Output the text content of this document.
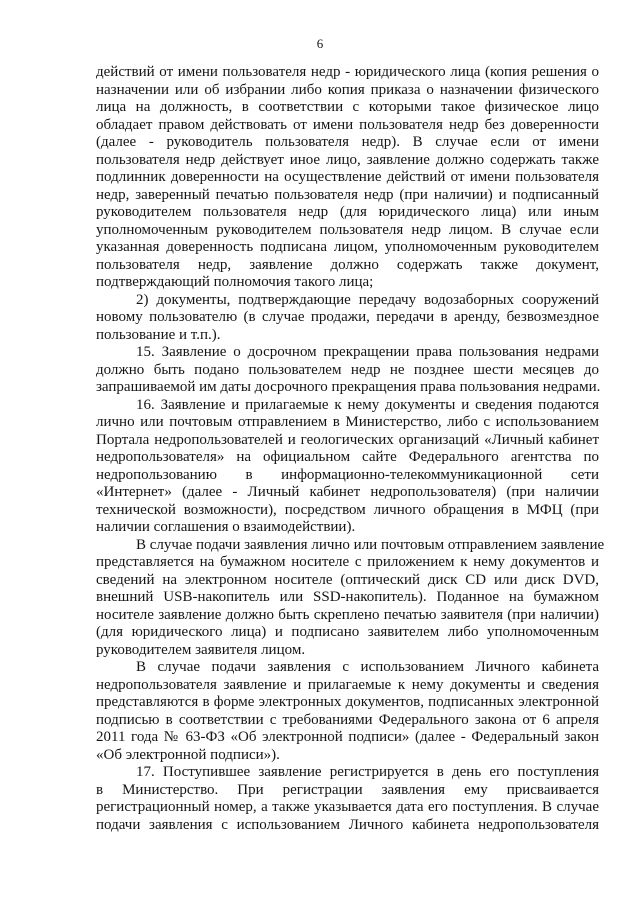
6
действий от имени пользователя недр - юридического лица (копия решения о
назначении или об избрании либо копия приказа о назначении физического
лица на должность, в соответствии с которыми такое физическое лицо
обладает правом действовать от имени пользователя недр без доверенности
(далее - руководитель пользователя недр). В случае если от имени
пользователя недр действует иное лицо, заявление должно содержать также
подлинник доверенности на осуществление действий от имени пользователя
недр, заверенный печатью пользователя недр (при наличии) и подписанный
руководителем пользователя недр (для юридического лица) или иным
уполномоченным руководителем пользователя недр лицом. В случае если
указанная доверенность подписана лицом, уполномоченным руководителем
пользователя недр, заявление должно содержать также документ,
подтверждающий полномочия такого лица;
2) документы, подтверждающие передачу водозаборных сооружений
новому пользователю (в случае продажи, передачи в аренду, безвозмездное
пользование и т.п.).
15. Заявление о досрочном прекращении права пользования недрами
должно быть подано пользователем недр не позднее шести месяцев до
запрашиваемой им даты досрочного прекращения права пользования недрами.
16. Заявление и прилагаемые к нему документы и сведения подаются
лично или почтовым отправлением в Министерство, либо с использованием
Портала недропользователей и геологических организаций «Личный кабинет
недропользователя» на официальном сайте Федерального агентства по
недропользованию в информационно-телекоммуникационной сети
«Интернет» (далее - Личный кабинет недропользователя) (при наличии
технической возможности), посредством личного обращения в МФЦ (при
наличии соглашения о взаимодействии).
В случае подачи заявления лично или почтовым отправлением заявление
представляется на бумажном носителе с приложением к нему документов и
сведений на электронном носителе (оптический диск CD или диск DVD,
внешний USB-накопитель или SSD-накопитель). Поданное на бумажном
носителе заявление должно быть скреплено печатью заявителя (при наличии)
(для юридического лица) и подписано заявителем либо уполномоченным
руководителем заявителя лицом.
В случае подачи заявления с использованием Личного кабинета
недропользователя заявление и прилагаемые к нему документы и сведения
представляются в форме электронных документов, подписанных электронной
подписью в соответствии с требованиями Федерального закона от 6 апреля
2011 года № 63-ФЗ «Об электронной подписи» (далее - Федеральный закон
«Об электронной подписи»).
17. Поступившее заявление регистрируется в день его поступления
в Министерство. При регистрации заявления ему присваивается
регистрационный номер, а также указывается дата его поступления. В случае
подачи заявления с использованием Личного кабинета недропользователя
